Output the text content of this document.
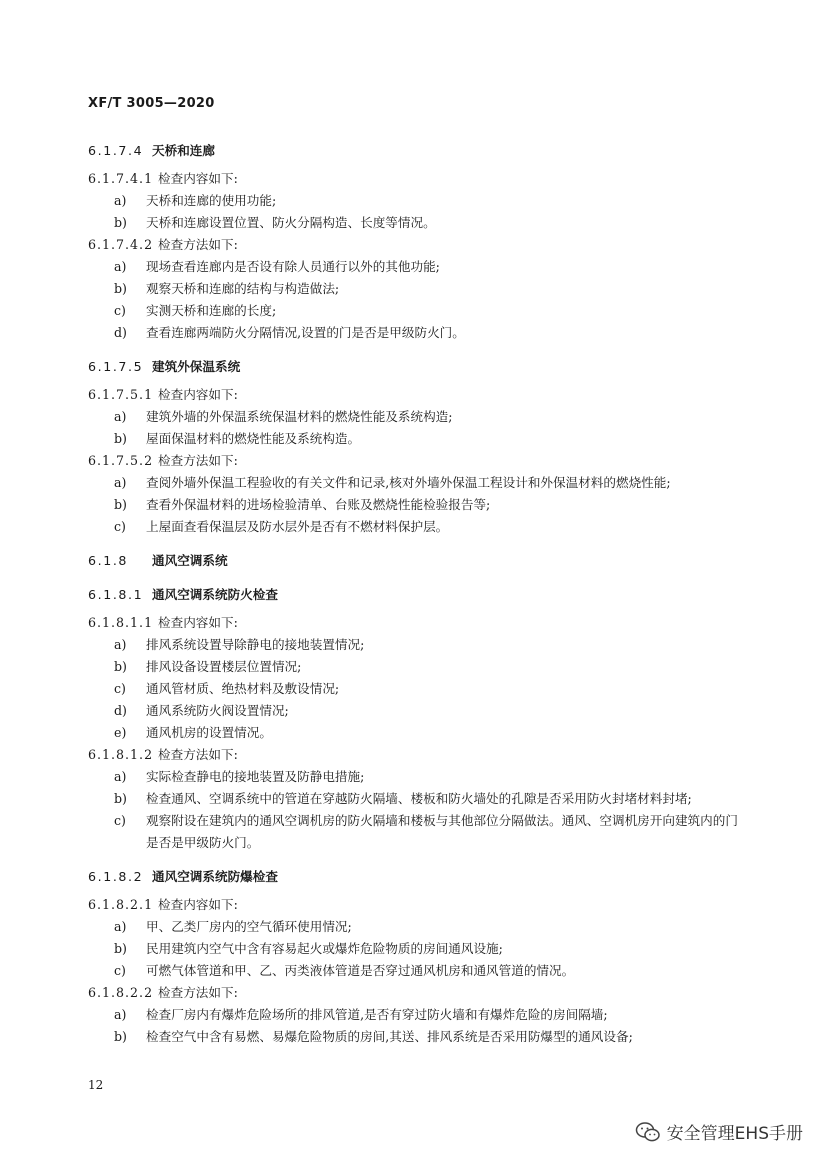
XF/T 3005—2020
6.1.7.4 天桥和连廊
6.1.7.4.1 检查内容如下:
a)	天桥和连廊的使用功能;
b)	天桥和连廊设置位置、防火分隔构造、长度等情况。
6.1.7.4.2 检查方法如下:
a)	现场查看连廊内是否设有除人员通行以外的其他功能;
b)	观察天桥和连廊的结构与构造做法;
c)	实测天桥和连廊的长度;
d)	查看连廊两端防火分隔情况,设置的门是否是甲级防火门。
6.1.7.5 建筑外保温系统
6.1.7.5.1 检查内容如下:
a)	建筑外墙的外保温系统保温材料的燃烧性能及系统构造;
b)	屋面保温材料的燃烧性能及系统构造。
6.1.7.5.2 检查方法如下:
a)	查阅外墙外保温工程验收的有关文件和记录,核对外墙外保温工程设计和外保温材料的燃烧性能;
b)	查看外保温材料的进场检验清单、台账及燃烧性能检验报告等;
c)	上屋面查看保温层及防水层外是否有不燃材料保护层。
6.1.8 通风空调系统
6.1.8.1 通风空调系统防火检查
6.1.8.1.1 检查内容如下:
a)	排风系统设置导除静电的接地装置情况;
b)	排风设备设置楼层位置情况;
c)	通风管材质、绝热材料及敷设情况;
d)	通风系统防火阀设置情况;
e)	通风机房的设置情况。
6.1.8.1.2 检查方法如下:
a)	实际检查静电的接地装置及防静电措施;
b)	检查通风、空调系统中的管道在穿越防火隔墙、楼板和防火墙处的孔隙是否采用防火封堵材料封堵;
c)	观察附设在建筑内的通风空调机房的防火隔墙和楼板与其他部位分隔做法。通风、空调机房开向建筑内的门是否是甲级防火门。
6.1.8.2 通风空调系统防爆检查
6.1.8.2.1 检查内容如下:
a)	甲、乙类厂房内的空气循环使用情况;
b)	民用建筑内空气中含有容易起火或爆炸危险物质的房间通风设施;
c)	可燃气体管道和甲、乙、丙类液体管道是否穿过通风机房和通风管道的情况。
6.1.8.2.2 检查方法如下:
a)	检查厂房内有爆炸危险场所的排风管道,是否有穿过防火墙和有爆炸危险的房间隔墙;
b)	检查空气中含有易燃、易爆危险物质的房间,其送、排风系统是否采用防爆型的通风设备;
12
安全管理EHS手册
